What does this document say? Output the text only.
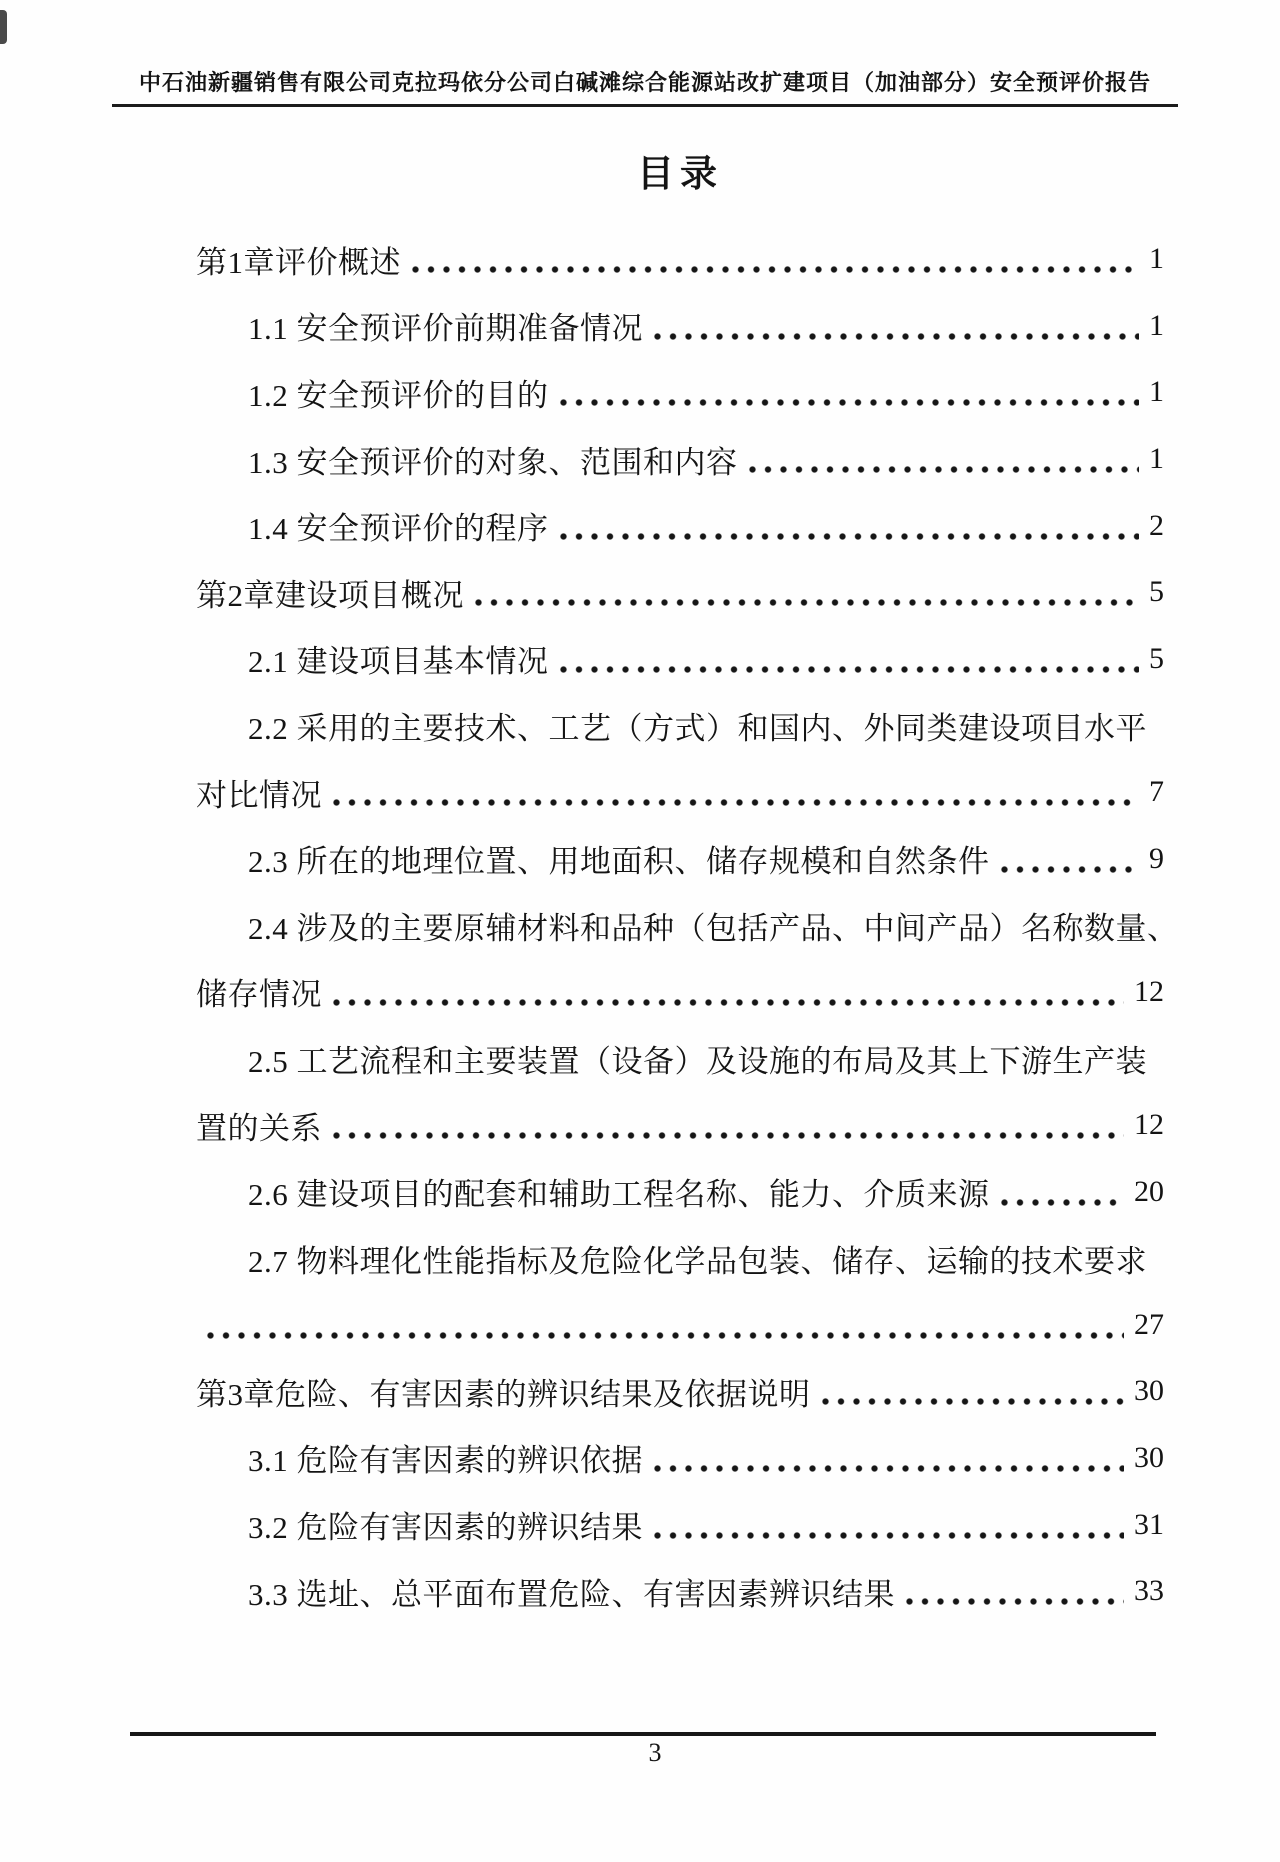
中石油新疆销售有限公司克拉玛依分公司白碱滩综合能源站改扩建项目（加油部分）安全预评价报告
目录
第1章评价概述	1
1.1 安全预评价前期准备情况	1
1.2 安全预评价的目的	1
1.3 安全预评价的对象、范围和内容	1
1.4 安全预评价的程序	2
第2章建设项目概况	5
2.1 建设项目基本情况	5
2.2 采用的主要技术、工艺（方式）和国内、外同类建设项目水平
对比情况	7
2.3 所在的地理位置、用地面积、储存规模和自然条件	9
2.4 涉及的主要原辅材料和品种（包括产品、中间产品）名称数量、
储存情况	12
2.5 工艺流程和主要装置（设备）及设施的布局及其上下游生产装
置的关系	12
2.6 建设项目的配套和辅助工程名称、能力、介质来源	20
2.7 物料理化性能指标及危险化学品包装、储存、运输的技术要求
27
第3章危险、有害因素的辨识结果及依据说明	30
3.1 危险有害因素的辨识依据	30
3.2 危险有害因素的辨识结果	31
3.3 选址、总平面布置危险、有害因素辨识结果	33
3
